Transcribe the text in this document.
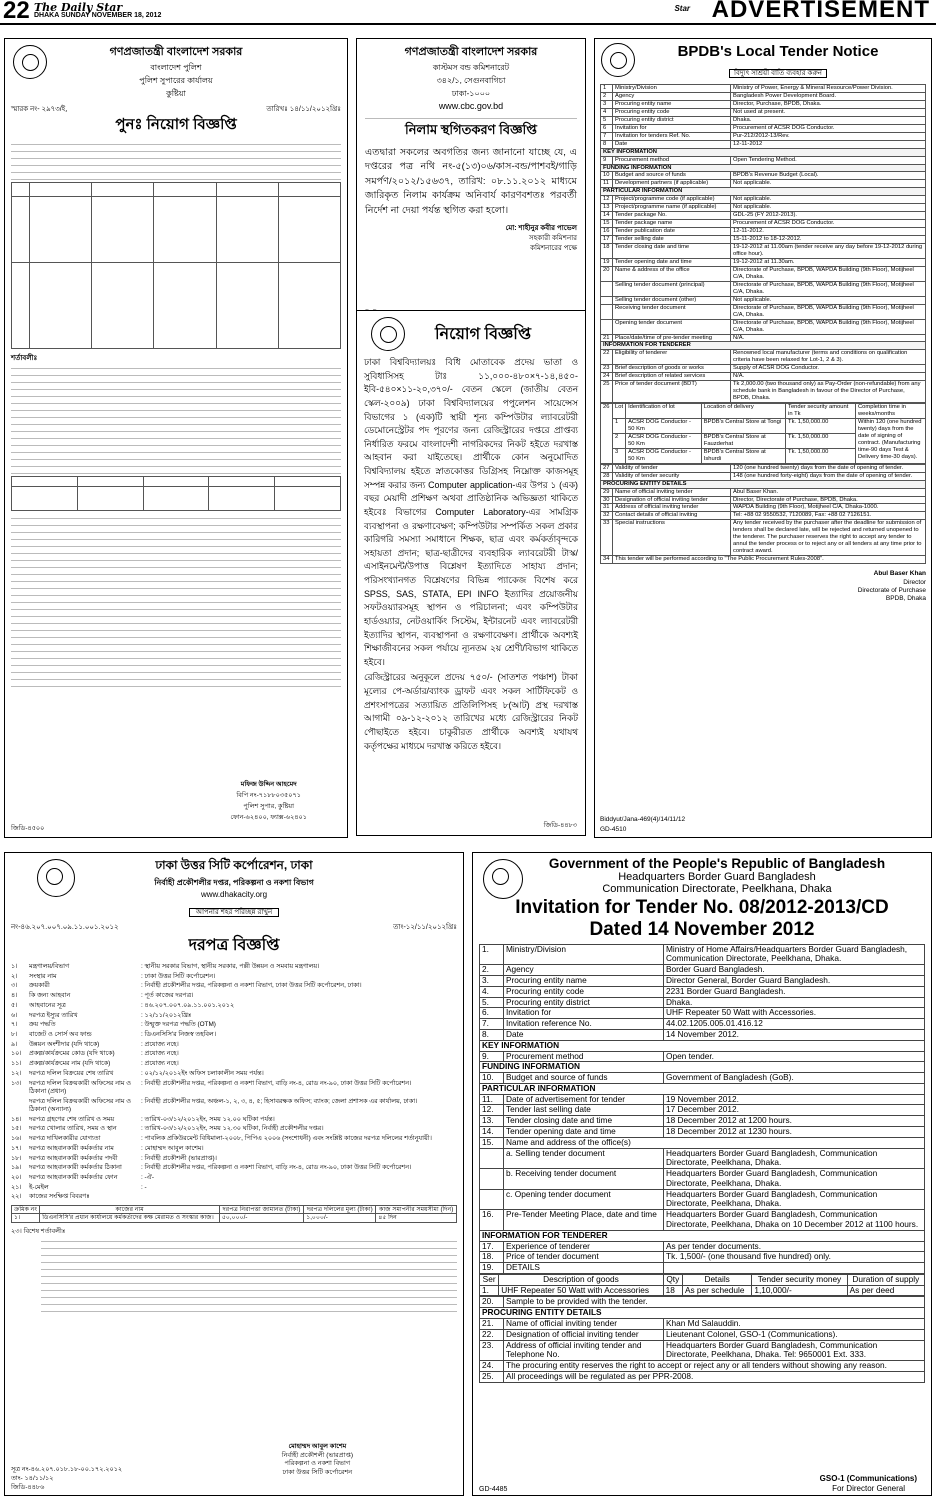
22 The Daily Star
DHAKA SUNDAY NOVEMBER 18, 2012
Star ADVERTISEMENT
গণপ্রজাতন্ত্রী বাংলাদেশ সরকার
বাংলাদেশ পুলিশ
পুলিশ সুপারের কার্যালয়
কুষ্টিয়া
স্মারক নং- ২৯৭৩/ই,	তারিখঃ ১৪/১১/২০১২খ্রিঃ
পুনঃ নিয়োগ বিজ্ঞপ্তি

শর্তাবলীঃ

মফিজ উদ্দিন আহমেদ
বিপি নং-৭১৮৮০৩৫০৭১
পুলিশ সুপার, কুষ্টিয়া
ফোন-৬২৪০০, ফ্যাক্স-৬২৪০১
জিডি-৪৫০০
গণপ্রজাতন্ত্রী বাংলাদেশ সরকার
কাস্টমস বন্ড কমিশনারেট
৩৪২/১, সেগুনবাগিচা
ঢাকা-১০০০
www.cbc.gov.bd
নিলাম স্থগিতকরণ বিজ্ঞপ্তি
এতদ্বারা সকলের অবগতির জন্য জানানো যাচ্ছে যে, এ দপ্তরের পত্র নথি নং-৫(১৩)০৬/কাস-বন্ড/পাশবই/গাড়ি সমর্পণ/২০১২/১৫৬৩৭, তারিখ: ০৮.১১.২০১২ মাধ্যমে জারিকৃত নিলাম কার্যক্রম অনিবার্য কারণবশতঃ পরবর্তী নির্দেশ না দেয়া পর্যন্ত স্থগিত করা হলো।
মো: শাহীনুর কবীর পাভেল
সহকারী কমিশনার
কমিশনারের পক্ষে
নিয়োগ বিজ্ঞপ্তি
ঢাকা বিশ্ববিদ্যালয়ঃ বিধি মোতাবেক প্রদেয় ভাতা ও সুবিধাসিসহ টাঃ ১১,০০০-৪৮০×৭-১৪,৪৫০-ইবি-৫৪০×১১-২০,৩৭০/- বেতন স্কেলে (জাতীয় বেতন স্কেল-২০০৯) ঢাকা বিশ্ববিদ্যালয়ের পপুলেশন সায়েন্সেস বিভাগের ১ (এক)টি স্থায়ী শূন্য কম্পিউটার ল্যাবরেটরী ডেমোনেস্ট্রেটর পদ পূরণের জন্য রেজিস্ট্রারের দপ্তরে প্রাপ্তব্য নির্ধারিত ফরমে বাংলাদেশী নাগরিকদের নিকট হইতে দরখাস্ত আহবান করা যাইতেছে। প্রার্থীকে কোন অনুমোদিত বিশ্ববিদ্যালয় হইতে স্নাতকোত্তর ডিগ্রিসহ নিম্নোক্ত কাজসমূহ সম্পন্ন করার জন্য Computer application-এর উপর ১ (এক) বছর মেয়াদী প্রশিক্ষণ অথবা প্রাতিষ্ঠানিক অভিজ্ঞতা থাকিতে হইবেঃ বিভাগের Computer Laboratory-এর সামগ্রিক ব্যবস্থাপনা ও রক্ষণাবেক্ষণ; কম্পিউটার সম্পর্কিত সকল প্রকার কারিগরি সমস্যা সমাধানে শিক্ষক, ছাত্র এবং কর্মকর্তাবৃন্দকে সহায়তা প্রদান; ছাত্র-ছাত্রীদের ব্যবহারিক ল্যাবরেটরী টাস্ক/এসাইনমেন্ট/উপাত্ত বিশ্লেষণ ইত্যাদিতে সাহায্য প্রদান; পরিসংখ্যানগত বিশ্লেষণের বিভিন্ন প্যাকেজ বিশেষ করে SPSS, SAS, STATA, EPI INFO ইত্যাদির প্রয়োজনীয় সফটওয়্যারসমূহ স্থাপন ও পরিচালনা; এবং কম্পিউটার হার্ডওয়্যার, নেটওয়ার্কিং সিস্টেম, ইন্টারনেট এবং ল্যাবরেটরী ইত্যাদির স্থাপন, ব্যবস্থাপনা ও রক্ষণাবেক্ষণ। প্রার্থীকে অবশ্যই শিক্ষাজীবনের সকল পর্যায়ে ন্যূনতম ২য় শ্রেণী/বিভাগ থাকিতে হইবে।
রেজিস্ট্রারের অনুকূলে প্রদেয় ৭৫০/- (সাতশত পঞ্চাশ) টাকা মূল্যের পে-অর্ডার/ব্যাংক ড্রাফট এবং সকল সার্টিফিকেট ও প্রশংসাপত্রের সত্যায়িত প্রতিলিপিসহ ৮(আট) প্রস্থ দরখাস্ত আগামী ০৯-১২-২০১২ তারিখের মধ্যে রেজিস্ট্রারের নিকট পৌছাইতে হইবে। চাকুরীরত প্রার্থীকে অবশ্যই যথাযথ কর্তৃপক্ষের মাধ্যমে দরখাস্ত করিতে হইবে।
জিডি-৪৪৮৩
BPDB's Local Tender Notice
বিদ্যুৎ সাশ্রয়ী বাতি ব্যবহার করুন
1	Ministry/Division	Ministry of Power, Energy & Mineral Resource/Power Division.
2	Agency	Bangladesh Power Development Board.
3	Procuring entity name	Director, Purchase, BPDB, Dhaka.
4	Procuring entity code	Not used at present.
5	Procuring entity district	Dhaka.
6	Invitation for	Procurement of ACSR DOG Conductor.
7	Invitation for tenders Ref. No.	Pur-212/2012-13/Rev.
8	Date	12-11-2012
KEY INFORMATION		
9	Procurement method	Open Tendering Method.
FUNDING INFORMATION		
10	Budget and source of funds	BPDB's Revenue Budget (Local).
11	Development partners (if applicable)	Not applicable.
PARTICULAR INFORMATION		
12	Project/programme code (if applicable)	Not applicable.
13	Project/programme name (if applicable)	Not applicable.
14	Tender package No.	GDL-25 (FY 2012-2013).
15	Tender package name	Procurement of ACSR DOG Conductor.
16	Tender publication date	12-11-2012.
17	Tender selling date	15-11-2012 to 18-12-2012.
18	Tender closing date and time	19-12-2012 at 11.00am (tender receive any day before 19-12-2012 during office hour).
19	Tender opening date and time	19-12-2012 at 11.30am.
20	Name & address of the office	Directorate of Purchase, BPDB, WAPDA Building (9th Floor), Motijheel C/A, Dhaka.
	Selling tender document (principal)	Directorate of Purchase, BPDB, WAPDA Building (9th Floor), Motijheel C/A, Dhaka.
	Selling tender document (other)	Not applicable.
	Receiving tender document	Directorate of Purchase, BPDB, WAPDA Building (9th Floor), Motijheel C/A, Dhaka.
	Opening tender document	Directorate of Purchase, BPDB, WAPDA Building (9th Floor), Motijheel C/A, Dhaka.
21	Place/date/time of pre-tender meeting	N/A.
INFORMATION FOR TENDERER		
22	Eligibility of tenderer	Renowned local manufacturer (terms and conditions on qualification criteria have been relaxed for Lot-1, 2 & 3).
23	Brief description of goods or works	Supply of ACSR DOG Conductor.
24	Brief description of related services	N/A.
25	Price of tender document (BDT)	Tk 2,000.00 (two thousand only) as Pay-Order (non-refundable) from any schedule bank in Bangladesh in favour of the Director of Purchase, BPDB, Dhaka.
26	Lot	Identification of lot	Location of delivery	Tender security amount in Tk	Completion time in weeks/months
	1	ACSR DOG Conductor - 50 Km	BPDB's Central Store at Tongi	Tk. 1,50,000.00	Within 120 (one hundred twenty) days from the date of signing of contract. (Manufacturing time-90 days Test & Delivery time-30 days).
	2	ACSR DOG Conductor - 50 Km	BPDB's Central Store at Fauzderhat	Tk. 1,50,000.00	
	3	ACSR DOG Conductor - 50 Km	BPDB's Central Store at Ishurdi	Tk. 1,50,000.00	
27	Validity of tender	120 (one hundred twenty) days from the date of opening of tender.
28	Validity of tender security	148 (one hundred forty-eight) days from the date of opening of tender.
PROCURING ENTITY DETAILS		
29	Name of official inviting tender	Abul Baser Khan.
30	Designation of official inviting tender	Director, Directorate of Purchase, BPDB, Dhaka.
31	Address of official inviting tender	WAPDA Building (9th Floor), Motijheel C/A, Dhaka-1000.
32	Contact details of official inviting	Tel: +88 02 9550532, 7120089, Fax: +88 02 7126151.
33	Special instructions	Any tender received by the purchaser after the deadline for submission of tenders shall be declared late, will be rejected and returned unopened to the tenderer. The purchaser reserves the right to accept any tender to annul the tender process or to reject any or all tenders at any time prior to contract award.
34	This tender will be performed according to "The Public Procurement Rules-2008".	
Abul Baser Khan
Director
Directorate of Purchase
BPDB, Dhaka
Biddyut/Jana-469(4)/14/11/12
GD-4510
ঢাকা উত্তর সিটি কর্পোরেশন, ঢাকা
নির্বাহী প্রকৌশলীর দপ্তর, পরিকল্পনা ও নকশা বিভাগ
www.dhakacity.org
আপনার শহর পরিচ্ছন্ন রাখুন
নং-৪৬.২০৭.০০৭.০৯.১১.০০১.২০১২	তাং-১২/১১/২০১২খ্রিঃ
দরপত্র বিজ্ঞপ্তি
১।	মন্ত্রণালয়/বিভাগ	: স্থানীয় সরকার বিভাগ, স্থানীয় সরকার, পল্লী উন্নয়ন ও সমবায় মন্ত্রণালয়।
২।	সংস্থার নাম	: ঢাকা উত্তর সিটি কর্পোরেশন।
৩।	ক্রয়কারী	: নির্বাহী প্রকৌশলীর দপ্তর, পরিকল্পনা ও নকশা বিভাগ, ঢাকা উত্তর সিটি কর্পোরেশন, ঢাকা।
৪।	কি জন্য আহবান	: পূর্ত কাজের দরপত্র।
৫।	আহবানের সূত্র	: ৪৬.২০৭.০০৭.০৯.১১.০০১.২০১২
৬।	দরপত্র ইস্যুর তারিখ	: ১২/১১/২০১২খ্রিঃ
৭।	ক্রয় পদ্ধতি	: উন্মুক্ত দরপত্র পদ্ধতি (OTM)
৮।	বাজেট ও সোর্স অব ফান্ড	: ডিএনসিসি'র নিজস্ব তহবিল।
৯।	উন্নয়ন অংশীদার (যদি থাকে)	: প্রযোজ্য নহে।
১০।	প্রকল্প/কার্যক্রমের কোড (যদি থাকে)	: প্রযোজ্য নহে।
১১।	প্রকল্প/কার্যক্রমের নাম (যদি থাকে)	: প্রযোজ্য নহে।
১২।	দরপত্র দলিল বিক্রয়ের শেষ তারিখ	: ০২/১২/২০১২ইং অফিস চলাকালীন সময় পর্যন্ত।
১৩।	দরপত্র দলিল বিক্রয়কারী অফিসের নাম ও ঠিকানা (প্রধান)
: নির্বাহী প্রকৌশলীর দপ্তর, পরিকল্পনা ও নকশা বিভাগ, বাড়ি নং-৪, রোড নং-৯০, ঢাকা উত্তর সিটি কর্পোরেশন।
দরপত্র দলিল বিক্রয়কারী অফিসের নাম ও ঠিকানা (অন্যান্য)
: নির্বাহী প্রকৌশলীর দপ্তর, অঞ্চল-১, ২, ৩, ৪, ৫; হিসাবরক্ষক অফিস; ব্যাংক; জেলা প্রশাসক এর কার্যালয়, ঢাকা।
১৪।	দরপত্র গ্রহণের শেষ তারিখ ও সময়	: তারিখ-০৩/১২/২০১২ইং, সময় ১২.০০ ঘটিকা পর্যন্ত।
১৫।	দরপত্র খোলার তারিখ, সময় ও স্থান	: তারিখ-০৩/১২/২০১২ইং, সময় ১২.৩০ ঘটিকা, নির্বাহী প্রকৌশলীর দপ্তর।
১৬।	দরপত্র দাখিলকারীর যোগ্যতা	: পাবলিক প্রকিউরমেন্ট বিধিমালা-২০০৮, পিপিএ ২০০৬ (সংশোধনী) এবং সংশ্লিষ্ট কাজের দরপত্র দলিলের শর্তানুযায়ী।
১৭।	দরপত্র আহবানকারী কর্মকর্তার নাম	: মোহাম্মদ আবুল কাশেম।
১৮।	দরপত্র আহবানকারী কর্মকর্তার পদবী	: নির্বাহী প্রকৌশলী (ভারপ্রাপ্ত)।
১৯।	দরপত্র আহবানকারী কর্মকর্তার ঠিকানা	: নির্বাহী প্রকৌশলীর দপ্তর, পরিকল্পনা ও নকশা বিভাগ, বাড়ি নং-৪, রোড নং-৯০, ঢাকা উত্তর সিটি কর্পোরেশন।
২০।	দরপত্র আহবানকারী কর্মকর্তার ফোন	: -ঐ-
২১।	ই-মেইল	: -
২২।	কাজের সংক্ষিপ্ত বিবরণঃ
ক্রমিক নং	কাজের নাম	দরপত্র নিরাপত্তা জামানত (টাকা)	দরপত্র দলিলের মূল্য (টাকা)	কাজ সমাপনীর সময়সীমা (দিন)
১।	ডিএনসিসি'র প্রধান কার্যালয়ে কর্মকর্তাদের কক্ষ মেরামত ও সংস্কার কাজ।	৫০,০০০/-	১,০০০/-	৪৫ দিন
২৩। বিশেষ শর্তাবলীঃ
মোহাম্মদ আবুল কাশেম
নির্বাহী প্রকৌশলী (ভারপ্রাপ্ত)
পরিকল্পনা ও নকশা বিভাগ
ঢাকা উত্তর সিটি কর্পোরেশন
সূত্র নং-৪৬.২০৭.০১৮.১৮-০০.১৭২.২০১২
তাং- ১৪/১১/১২
জিডি-৪৪৮৬
Government of the People's Republic of Bangladesh
Headquarters Border Guard Bangladesh
Communication Directorate, Peelkhana, Dhaka
Invitation for Tender No. 08/2012-2013/CD
Dated 14 November 2012
1.	Ministry/Division	Ministry of Home Affairs/Headquarters Border Guard Bangladesh, Communication Directorate, Peelkhana, Dhaka.
2.	Agency	Border Guard Bangladesh.
3.	Procuring entity name	Director General, Border Guard Bangladesh.
4.	Procuring entity code	2231 Border Guard Bangladesh.
5.	Procuring entity district	Dhaka.
6.	Invitation for	UHF Repeater 50 Watt with Accessories.
7.	Invitation reference No.	44.02.1205.005.01.416.12
8.	Date	14 November 2012.
KEY INFORMATION		
9.	Procurement method	Open tender.
FUNDING INFORMATION		
10.	Budget and source of funds	Government of Bangladesh (GoB).
PARTICULAR INFORMATION		
11.	Date of advertisement for tender	19 November 2012.
12.	Tender last selling date	17 December 2012.
13.	Tender closing date and time	18 December 2012 at 1200 hours.
14.	Tender opening date and time	18 December 2012 at 1230 hours.
15.	Name and address of the office(s)	
	a. Selling tender document	Headquarters Border Guard Bangladesh, Communication Directorate, Peelkhana, Dhaka.
	b. Receiving tender document	Headquarters Border Guard Bangladesh, Communication Directorate, Peelkhana, Dhaka.
	c. Opening tender document	Headquarters Border Guard Bangladesh, Communication Directorate, Peelkhana, Dhaka.
16.	Pre-Tender Meeting Place, date and time	Headquarters Border Guard Bangladesh, Communication Directorate, Peelkhana, Dhaka on 10 December 2012 at 1100 hours.
INFORMATION FOR TENDERER		
17.	Experience of tenderer	As per tender documents.
18.	Price of tender document	Tk. 1,500/- (one thousand five hundred) only.
19.	DETAILS	
Ser	Description of goods	Qty	Details	Tender security money	Duration of supply
1.	UHF Repeater 50 Watt with Accessories	18	As per schedule	1,10,000/-	As per deed
20.	Sample to be provided with the tender.	
PROCURING ENTITY DETAILS		
21.	Name of official inviting tender	Khan Md Salauddin.
22.	Designation of official inviting tender	Lieutenant Colonel, GSO-1 (Communications).
23.	Address of official inviting tender and Telephone No.	Headquarters Border Guard Bangladesh, Communication Directorate, Peelkhana, Dhaka. Tel: 9650001 Ext. 333.
24.	The procuring entity reserves the right to accept or reject any or all tenders without showing any reason.	
25.	All proceedings will be regulated as per PPR-2008.	
GSO-1 (Communications)
For Director General
GD-4485
